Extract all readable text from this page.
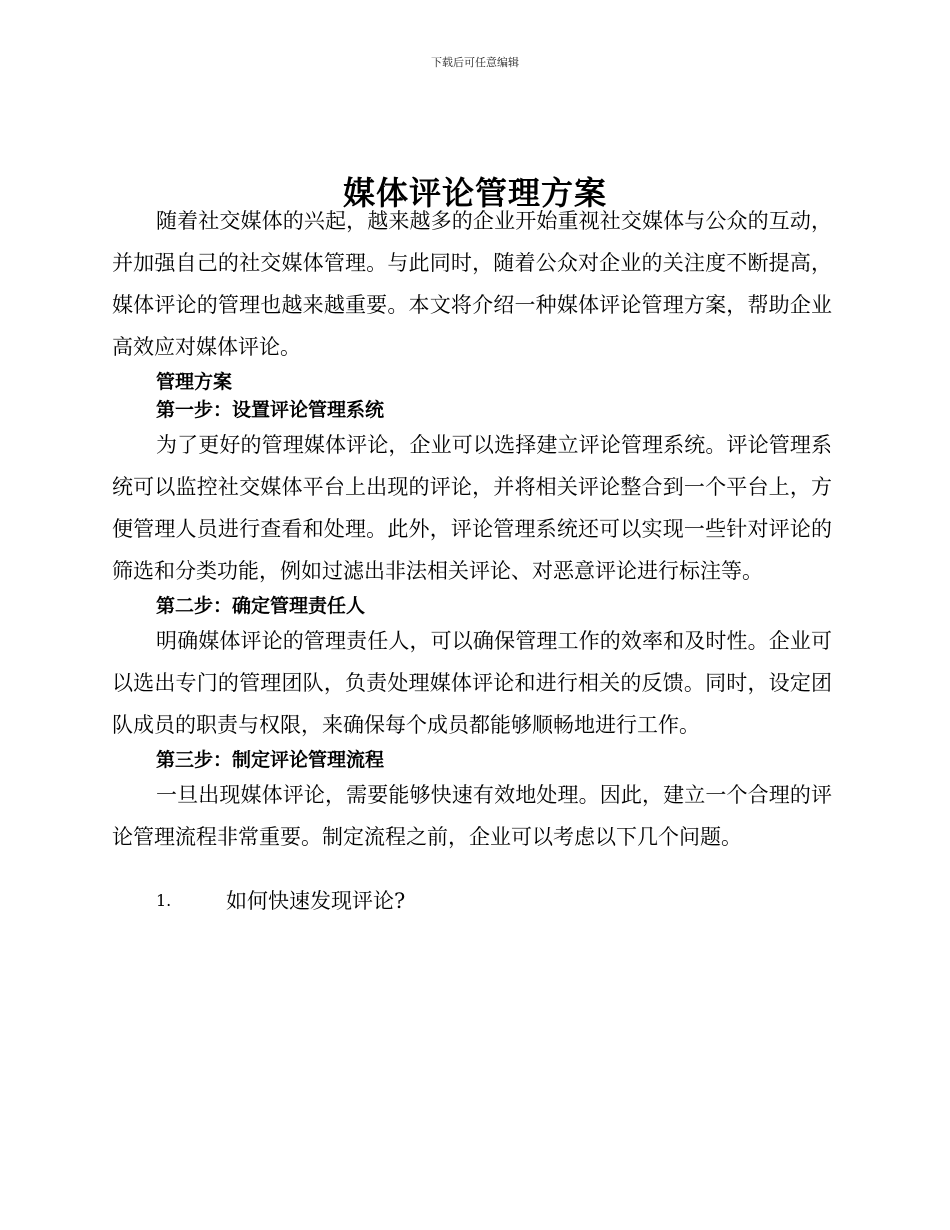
下载后可任意编辑
媒体评论管理方案

随着社交媒体的兴起，越来越多的企业开始重视社交媒体与公众的互动，并加强自己的社交媒体管理。与此同时，随着公众对企业的关注度不断提高，媒体评论的管理也越来越重要。本文将介绍一种媒体评论管理方案，帮助企业高效应对媒体评论。

管理方案
第一步：设置评论管理系统

为了更好的管理媒体评论，企业可以选择建立评论管理系统。评论管理系统可以监控社交媒体平台上出现的评论，并将相关评论整合到一个平台上，方便管理人员进行查看和处理。此外，评论管理系统还可以实现一些针对评论的筛选和分类功能，例如过滤出非法相关评论、对恶意评论进行标注等。

第二步：确定管理责任人

明确媒体评论的管理责任人，可以确保管理工作的效率和及时性。企业可以选出专门的管理团队，负责处理媒体评论和进行相关的反馈。同时，设定团队成员的职责与权限，来确保每个成员都能够顺畅地进行工作。

第三步：制定评论管理流程

一旦出现媒体评论，需要能够快速有效地处理。因此，建立一个合理的评论管理流程非常重要。制定流程之前，企业可以考虑以下几个问题。

1.	如何快速发现评论?
